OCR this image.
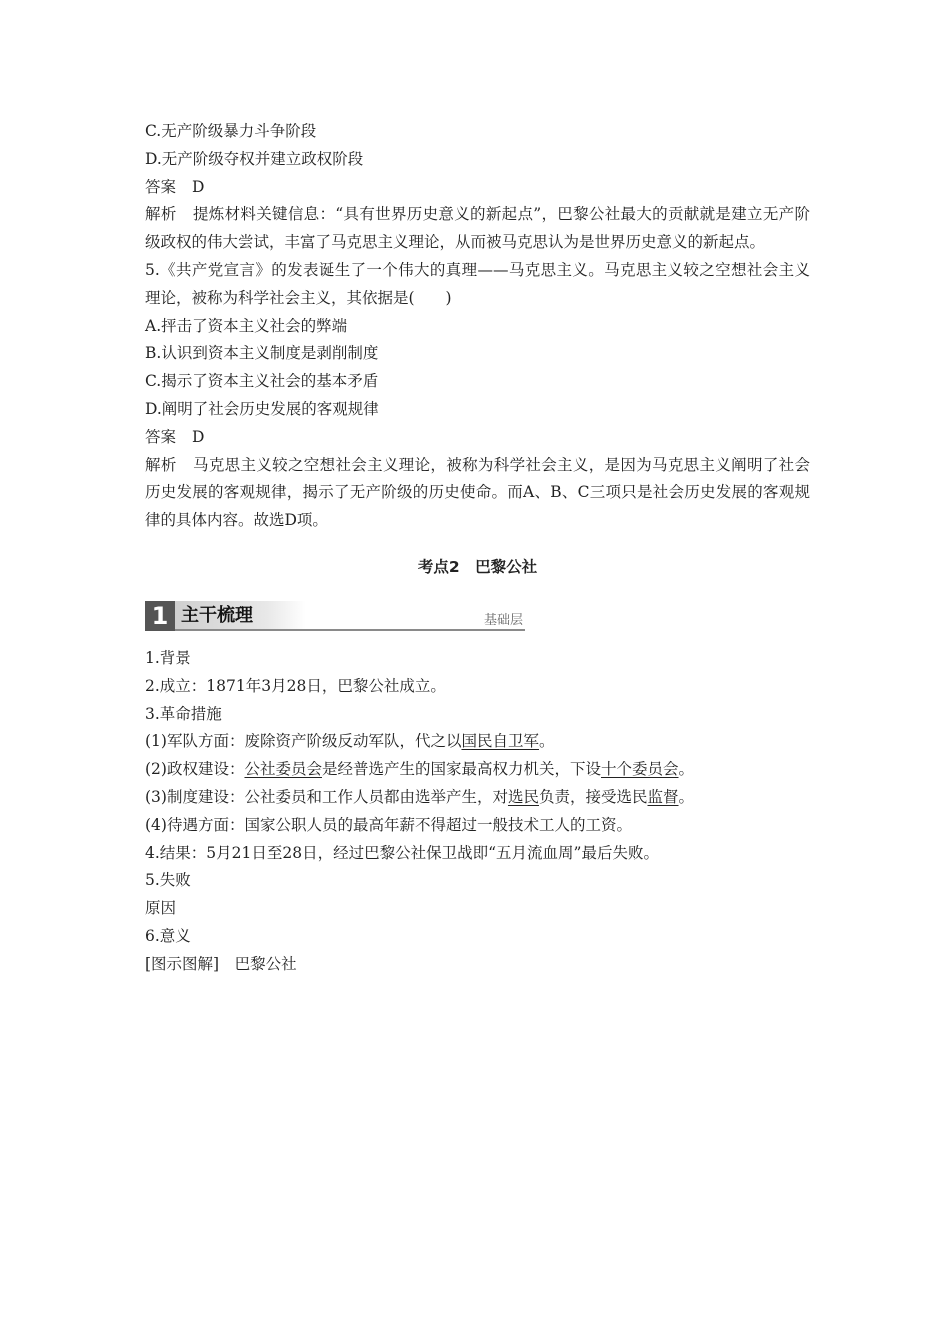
C.无产阶级暴力斗争阶段
D.无产阶级夺权并建立政权阶段
答案 D
解析 提炼材料关键信息：“具有世界历史意义的新起点”，巴黎公社最大的贡献就是建立无产阶级政权的伟大尝试，丰富了马克思主义理论，从而被马克思认为是世界历史意义的新起点。
5.《共产党宣言》的发表诞生了一个伟大的真理——马克思主义。马克思主义较之空想社会主义理论，被称为科学社会主义，其依据是(　　)
A.抨击了资本主义社会的弊端
B.认识到资本主义制度是剥削制度
C.揭示了资本主义社会的基本矛盾
D.阐明了社会历史发展的客观规律
答案 D
解析 马克思主义较之空想社会主义理论，被称为科学社会主义，是因为马克思主义阐明了社会历史发展的客观规律，揭示了无产阶级的历史使命。而A、B、C三项只是社会历史发展的客观规律的具体内容。故选D项。
考点2　巴黎公社
1 主干梳理	基础层
1.背景
2.成立：1871年3月28日，巴黎公社成立。
3.革命措施
(1)军队方面：废除资产阶级反动军队，代之以国民自卫军。
(2)政权建设：公社委员会是经普选产生的国家最高权力机关，下设十个委员会。
(3)制度建设：公社委员和工作人员都由选举产生，对选民负责，接受选民监督。
(4)待遇方面：国家公职人员的最高年薪不得超过一般技术工人的工资。
4.结果：5月21日至28日，经过巴黎公社保卫战即“五月流血周”最后失败。
5.失败
原因
6.意义
[图示图解]　巴黎公社
